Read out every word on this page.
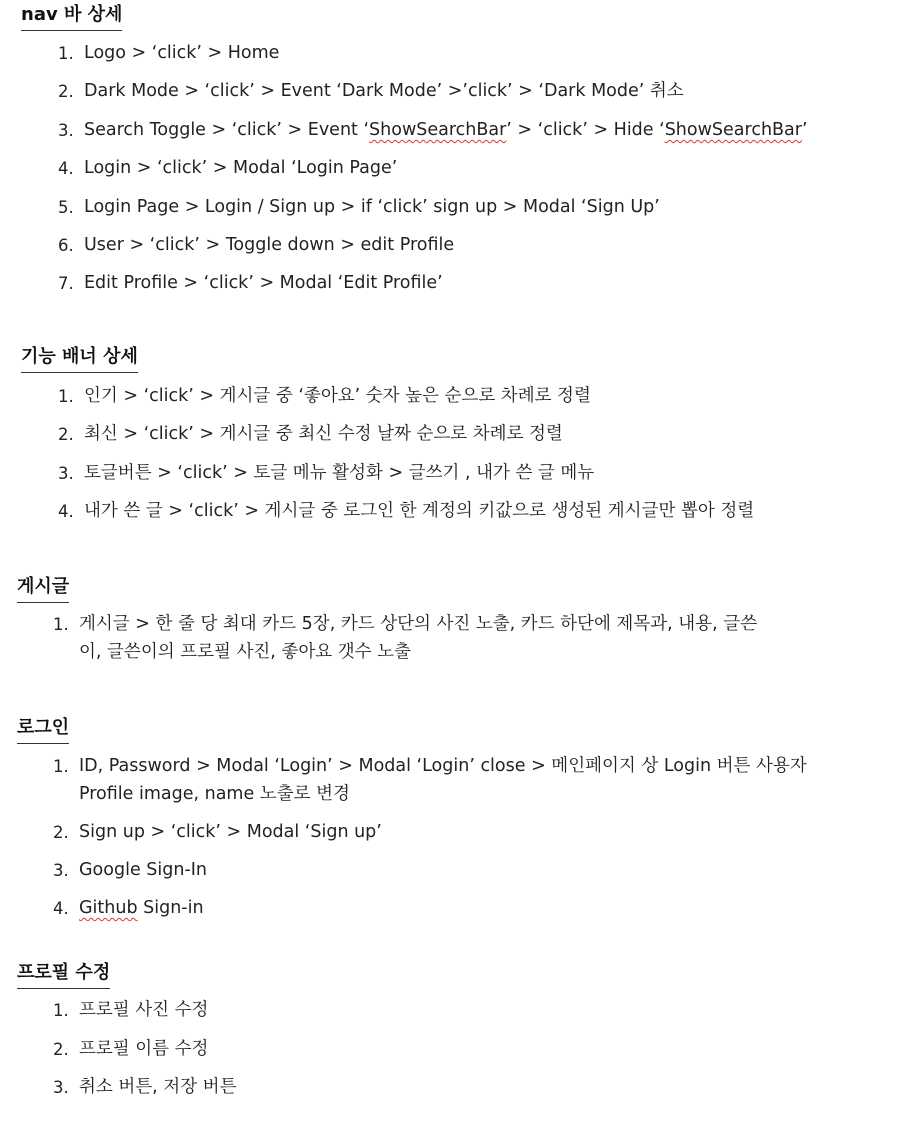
nav 바 상세
1. Logo > ‘click’ > Home
2. Dark Mode > ‘click’ > Event ‘Dark Mode’ >’click’ > ‘Dark Mode’ 취소
3. Search Toggle > ‘click’ > Event ‘ShowSearchBar’ > ‘click’ > Hide ‘ShowSearchBar’
4. Login > ‘click’ > Modal ‘Login Page’
5. Login Page > Login / Sign up > if ‘click’ sign up > Modal ‘Sign Up’
6. User > ‘click’ > Toggle down > edit Profile
7. Edit Profile > ‘click’ > Modal ‘Edit Profile’
기능 배너 상세
1. 인기 > ‘click’ > 게시글 중 ‘좋아요’ 숫자 높은 순으로 차례로 정렬
2. 최신 > ‘click’ > 게시글 중 최신 수정 날짜 순으로 차례로 정렬
3. 토글버튼 > ‘click’ > 토글 메뉴 활성화 > 글쓰기 , 내가 쓴 글 메뉴
4. 내가 쓴 글 > ‘click’ > 게시글 중 로그인 한 계정의 키값으로 생성된 게시글만 뽑아 정렬
게시글
1. 게시글 > 한 줄 당 최대 카드 5장, 카드 상단의 사진 노출, 카드 하단에 제목과, 내용, 글쓴
이, 글쓴이의 프로필 사진, 좋아요 갯수 노출
로그인
1. ID, Password > Modal ‘Login’ > Modal ‘Login’ close > 메인페이지 상 Login 버튼 사용자
Profile image, name 노출로 변경
2. Sign up > ‘click’ > Modal ‘Sign up’
3. Google Sign-In
4. Github Sign-in
프로필 수정
1. 프로필 사진 수정
2. 프로필 이름 수정
3. 취소 버튼, 저장 버튼
